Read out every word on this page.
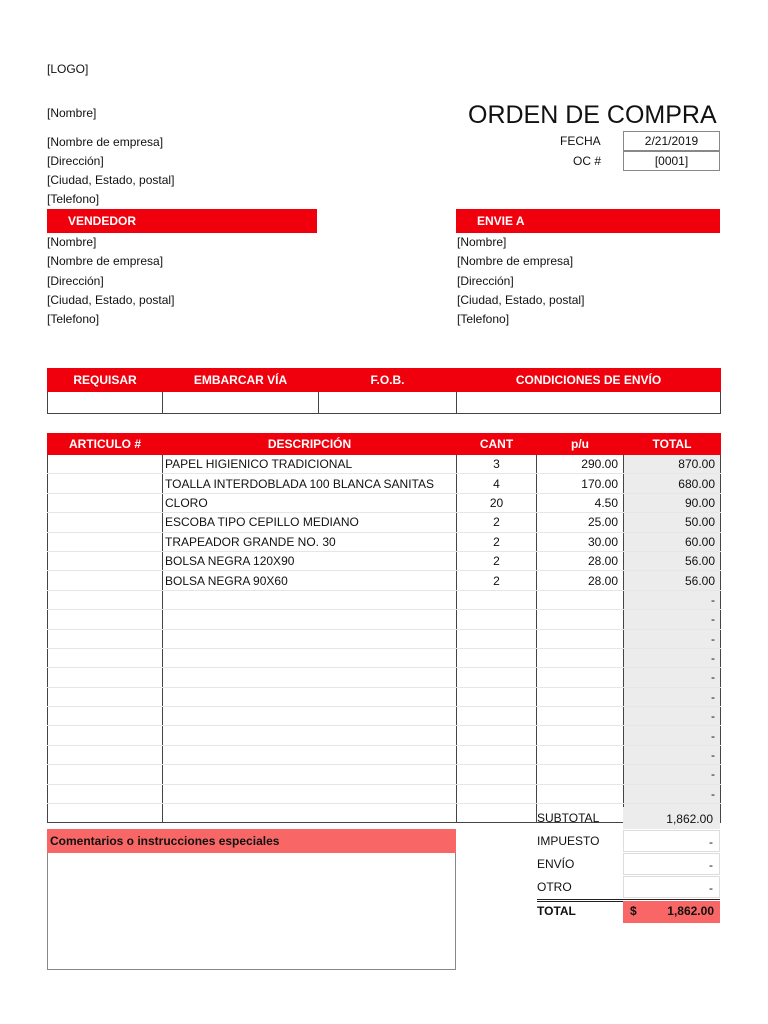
[LOGO]
[Nombre]
[Nombre de empresa]
[Dirección]
[Ciudad, Estado, postal]
[Telefono]
ORDEN DE COMPRA
FECHA	2/21/2019
OC #	[0001]
VENDEDOR
[Nombre]
[Nombre de empresa]
[Dirección]
[Ciudad, Estado, postal]
[Telefono]
ENVIE A
[Nombre]
[Nombre de empresa]
[Dirección]
[Ciudad, Estado, postal]
[Telefono]
REQUISAR	EMBARCAR VÍA	F.O.B.	CONDICIONES DE ENVÍO

ARTICULO #	DESCRIPCIÓN	CANT	p/u	TOTAL
	PAPEL HIGIENICO TRADICIONAL	3	290.00	870.00
	TOALLA INTERDOBLADA 100 BLANCA SANITAS	4	170.00	680.00
	CLORO	20	4.50	90.00
	ESCOBA TIPO CEPILLO MEDIANO	2	25.00	50.00
	TRAPEADOR GRANDE NO. 30	2	30.00	60.00
	BOLSA NEGRA 120X90	2	28.00	56.00
	BOLSA NEGRA 90X60	2	28.00	56.00
				-
				-
				-
				-
				-
				-
				-
				-
				-
				-
				-

SUBTOTAL	1,862.00
IMPUESTO	-
ENVÍO	-
OTRO	-
TOTAL	$	1,862.00
Comentarios o instrucciones especiales
